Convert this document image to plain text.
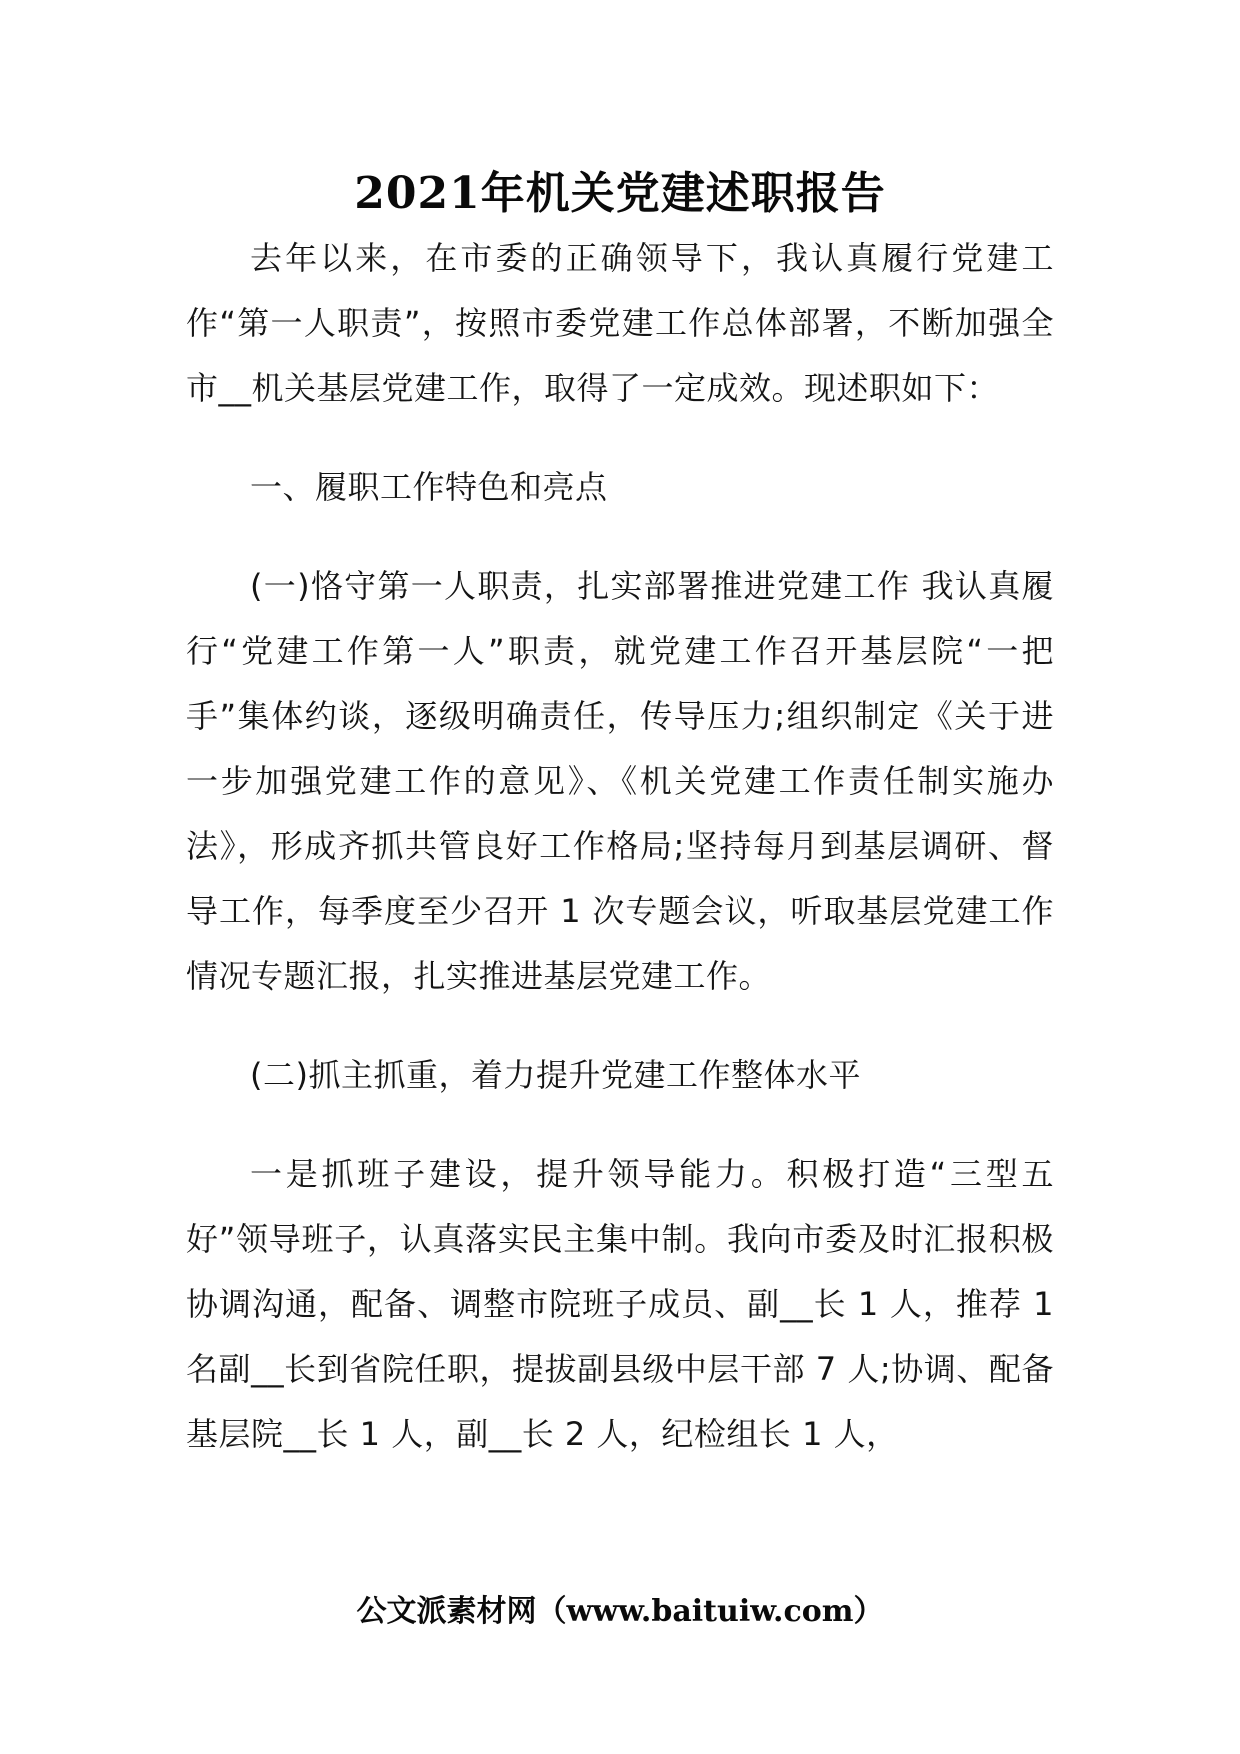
2021年机关党建述职报告

去年以来，在市委的正确领导下，我认真履行党建工作“第一人职责”，按照市委党建工作总体部署，不断加强全市__机关基层党建工作，取得了一定成效。现述职如下：

一、履职工作特色和亮点

(一)恪守第一人职责，扎实部署推进党建工作 我认真履行“党建工作第一人”职责，就党建工作召开基层院“一把手”集体约谈，逐级明确责任，传导压力;组织制定《关于进一步加强党建工作的意见》、《机关党建工作责任制实施办法》，形成齐抓共管良好工作格局;坚持每月到基层调研、督导工作，每季度至少召开 1 次专题会议，听取基层党建工作情况专题汇报，扎实推进基层党建工作。

(二)抓主抓重，着力提升党建工作整体水平

一是抓班子建设，提升领导能力。积极打造“三型五好”领导班子，认真落实民主集中制。我向市委及时汇报积极协调沟通，配备、调整市院班子成员、副__长 1 人，推荐 1 名副__长到省院任职，提拔副县级中层干部 7 人;协调、配备基层院__长 1 人，副__长 2 人，纪检组长 1 人，

公文派素材网（www.baituiw.com）
